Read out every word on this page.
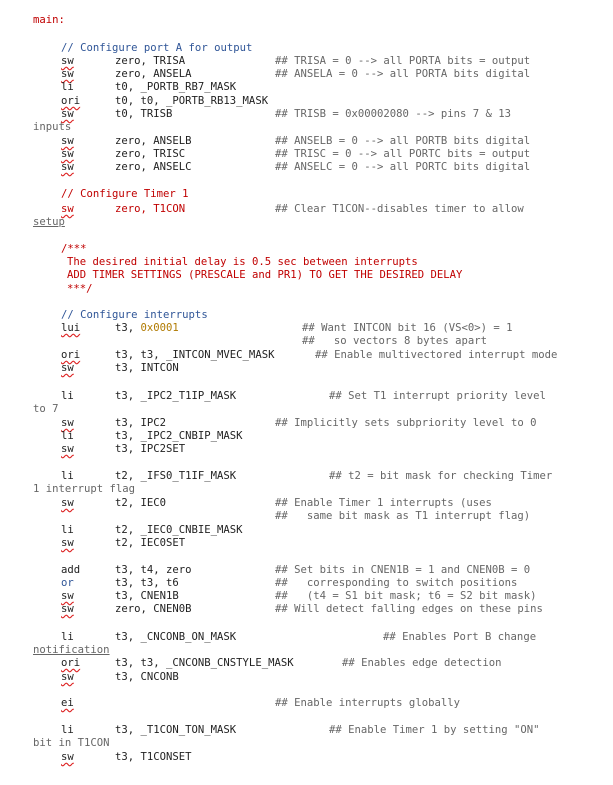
main:
// Configure port A for output
sw	zero, TRISA	## TRISA = 0 --> all PORTA bits = output
sw	zero, ANSELA	## ANSELA = 0 --> all PORTA bits digital
li	t0, _PORTB_RB7_MASK
ori	t0, t0, _PORTB_RB13_MASK
sw	t0, TRISB	## TRISB = 0x00002080 --> pins 7 & 13
inputs
sw	zero, ANSELB	## ANSELB = 0 --> all PORTB bits digital
sw	zero, TRISC	## TRISC = 0 --> all PORTC bits = output
sw	zero, ANSELC	## ANSELC = 0 --> all PORTC bits digital
// Configure Timer 1
sw	zero, T1CON	## Clear T1CON--disables timer to allow
setup
/***
The desired initial delay is 0.5 sec between interrupts
ADD TIMER SETTINGS (PRESCALE and PR1) TO GET THE DESIRED DELAY
***/
// Configure interrupts
lui	t3, 0x0001	## Want INTCON bit 16 (VS<0>) = 1
##   so vectors 8 bytes apart
ori	t3, t3, _INTCON_MVEC_MASK	## Enable multivectored interrupt mode
sw	t3, INTCON
li	t3, _IPC2_T1IP_MASK	## Set T1 interrupt priority level
to 7
sw	t3, IPC2	## Implicitly sets subpriority level to 0
li	t3, _IPC2_CNBIP_MASK
sw	t3, IPC2SET
li	t2, _IFS0_T1IF_MASK	## t2 = bit mask for checking Timer
1 interrupt flag
sw	t2, IEC0	## Enable Timer 1 interrupts (uses
##   same bit mask as T1 interrupt flag)
li	t2, _IEC0_CNBIE_MASK
sw	t2, IEC0SET
add	t3, t4, zero	## Set bits in CNEN1B = 1 and CNEN0B = 0
or	t3, t3, t6	##   corresponding to switch positions
sw	t3, CNEN1B	##   (t4 = S1 bit mask; t6 = S2 bit mask)
sw	zero, CNEN0B	## Will detect falling edges on these pins
li	t3, _CNCONB_ON_MASK	## Enables Port B change
notification
ori	t3, t3, _CNCONB_CNSTYLE_MASK	## Enables edge detection
sw	t3, CNCONB
ei	## Enable interrupts globally
li	t3, _T1CON_TON_MASK	## Enable Timer 1 by setting "ON"
bit in T1CON
sw	t3, T1CONSET
